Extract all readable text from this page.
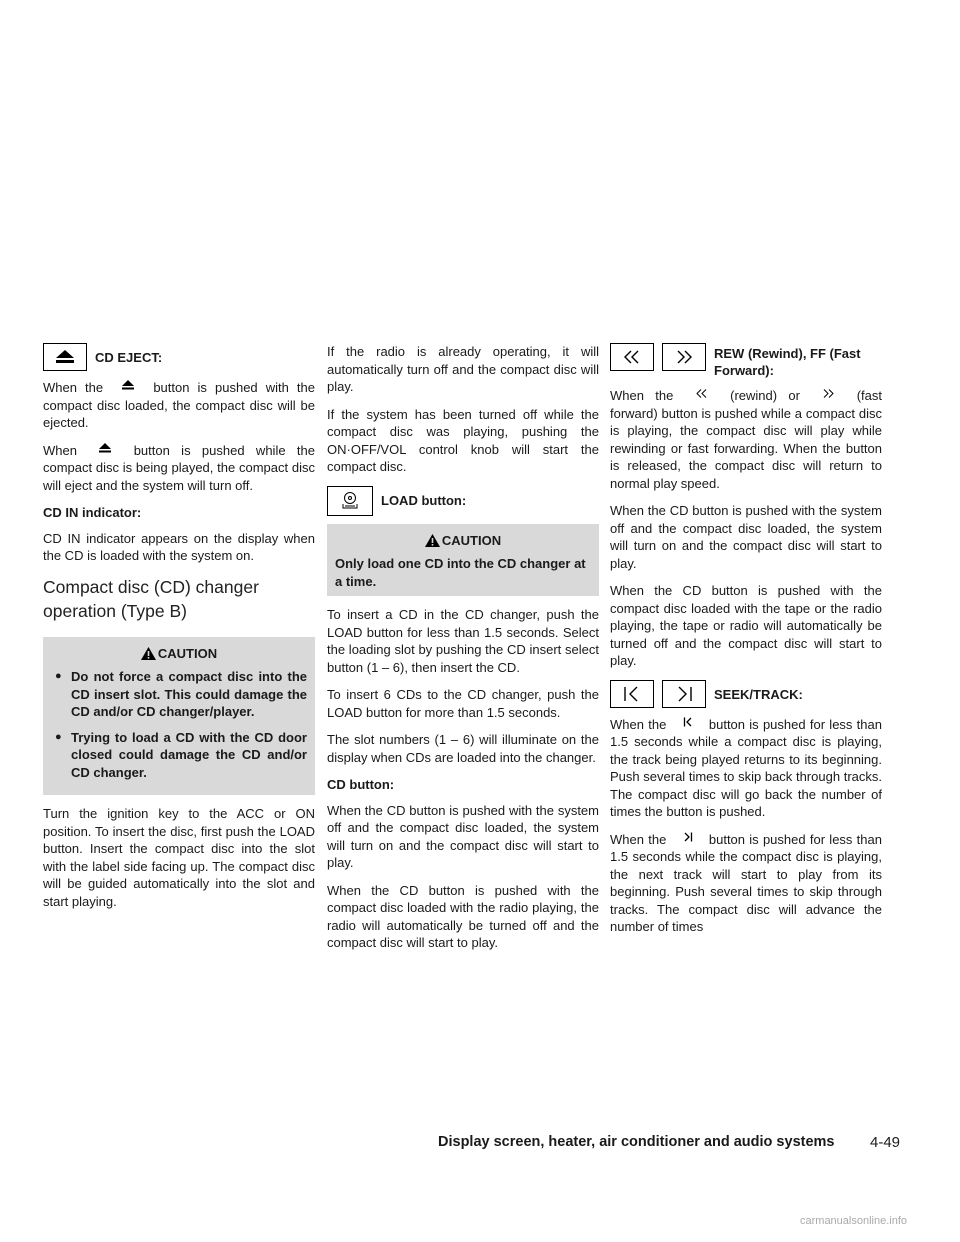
CD EJECT:

When the	button is pushed with the compact disc loaded, the compact disc will be ejected.

When	button is pushed while the compact disc is being played, the compact disc will eject and the system will turn off.

CD IN indicator:

CD IN indicator appears on the display when the CD is loaded with the system on.

Compact disc (CD) changer operation (Type B)
CAUTION
● Do not force a compact disc into the CD insert slot. This could damage the CD and/or CD changer/player.
● Trying to load a CD with the CD door closed could damage the CD and/or CD changer.

Turn the ignition key to the ACC or ON position. To insert the disc, first push the LOAD button. Insert the compact disc into the slot with the label side facing up. The compact disc will be guided automatically into the slot and start playing.

If the radio is already operating, it will automatically turn off and the compact disc will play.

If the system has been turned off while the compact disc was playing, pushing the ON·OFF/VOL control knob will start the compact disc.

LOAD button:
CAUTION
Only load one CD into the CD changer at a time.

To insert a CD in the CD changer, push the LOAD button for less than 1.5 seconds. Select the loading slot by pushing the CD insert select button (1 – 6), then insert the CD.

To insert 6 CDs to the CD changer, push the LOAD button for more than 1.5 seconds.

The slot numbers (1 – 6) will illuminate on the display when CDs are loaded into the changer.

CD button:

When the CD button is pushed with the system off and the compact disc loaded, the system will turn on and the compact disc will start to play.

When the CD button is pushed with the compact disc loaded with the radio playing, the radio will automatically be turned off and the compact disc will start to play.

REW (Rewind), FF (Fast Forward):

When the	(rewind) or	(fast forward) button is pushed while a compact disc is playing, the compact disc will play while rewinding or fast forwarding. When the button is released, the compact disc will return to normal play speed.

When the CD button is pushed with the system off and the compact disc loaded, the system will turn on and the compact disc will start to play.

When the CD button is pushed with the compact disc loaded with the tape or the radio playing, the tape or radio will automatically be turned off and the compact disc will start to play.

SEEK/TRACK:

When the	button is pushed for less than 1.5 seconds while a compact disc is playing, the track being played returns to its beginning. Push several times to skip back through tracks. The compact disc will go back the number of times the button is pushed.

When the	button is pushed for less than 1.5 seconds while the compact disc is playing, the next track will start to play from its beginning. Push several times to skip through tracks. The compact disc will advance the number of times

Display screen, heater, air conditioner and audio systems 4-49
carmanualsonline.info
